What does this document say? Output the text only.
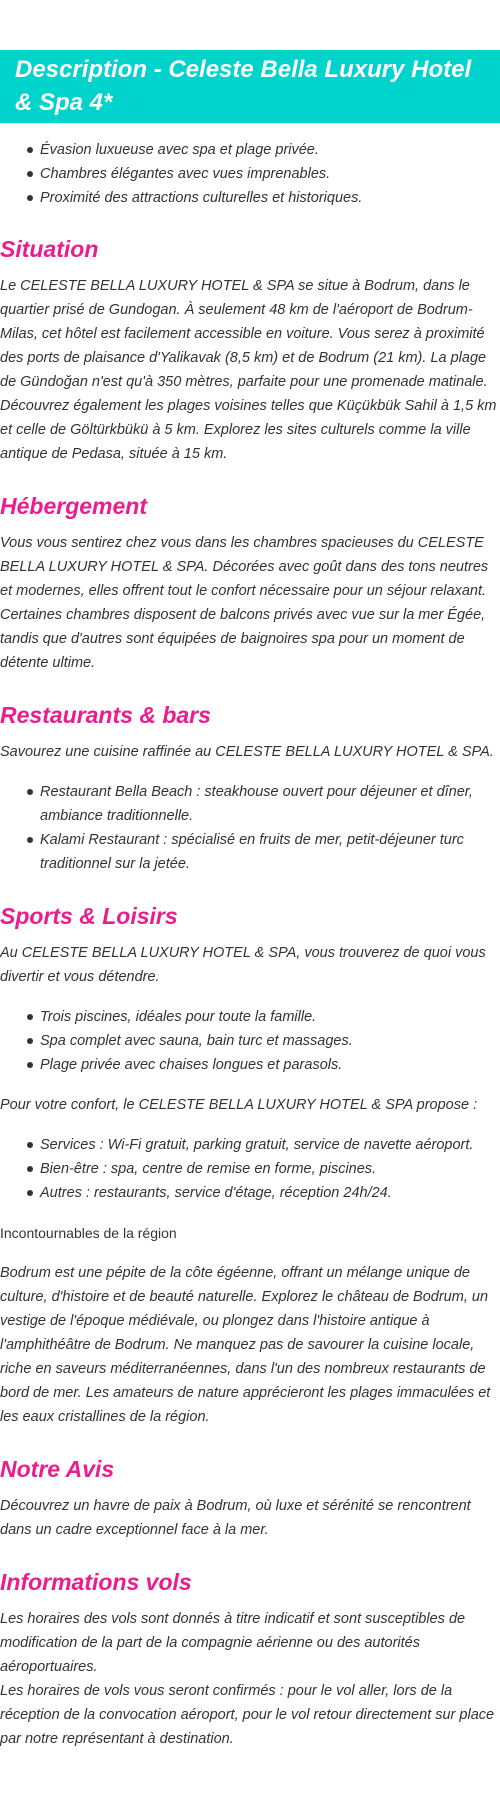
Description - Celeste Bella Luxury Hotel & Spa 4*
Évasion luxueuse avec spa et plage privée.
Chambres élégantes avec vues imprenables.
Proximité des attractions culturelles et historiques.
Situation

Le CELESTE BELLA LUXURY HOTEL & SPA se situe à Bodrum, dans le quartier prisé de Gundogan. À seulement 48 km de l'aéroport de Bodrum-Milas, cet hôtel est facilement accessible en voiture. Vous serez à proximité des ports de plaisance d'Yalikavak (8,5 km) et de Bodrum (21 km). La plage de Gündoğan n'est qu'à 350 mètres, parfaite pour une promenade matinale. Découvrez également les plages voisines telles que Küçükbük Sahil à 1,5 km et celle de Göltürkbükü à 5 km. Explorez les sites culturels comme la ville antique de Pedasa, située à 15 km.

Hébergement

Vous vous sentirez chez vous dans les chambres spacieuses du CELESTE BELLA LUXURY HOTEL & SPA. Décorées avec goût dans des tons neutres et modernes, elles offrent tout le confort nécessaire pour un séjour relaxant. Certaines chambres disposent de balcons privés avec vue sur la mer Égée, tandis que d'autres sont équipées de baignoires spa pour un moment de détente ultime.

Restaurants & bars

Savourez une cuisine raffinée au CELESTE BELLA LUXURY HOTEL & SPA.

Restaurant Bella Beach : steakhouse ouvert pour déjeuner et dîner, ambiance traditionnelle.
Kalami Restaurant : spécialisé en fruits de mer, petit-déjeuner turc traditionnel sur la jetée.
Sports & Loisirs

Au CELESTE BELLA LUXURY HOTEL & SPA, vous trouverez de quoi vous divertir et vous détendre.

Trois piscines, idéales pour toute la famille.
Spa complet avec sauna, bain turc et massages.
Plage privée avec chaises longues et parasols.

Pour votre confort, le CELESTE BELLA LUXURY HOTEL & SPA propose :

Services : Wi-Fi gratuit, parking gratuit, service de navette aéroport.
Bien-être : spa, centre de remise en forme, piscines.
Autres : restaurants, service d'étage, réception 24h/24.

Incontournables de la région

Bodrum est une pépite de la côte égéenne, offrant un mélange unique de culture, d'histoire et de beauté naturelle. Explorez le château de Bodrum, un vestige de l'époque médiévale, ou plongez dans l'histoire antique à l'amphithéâtre de Bodrum. Ne manquez pas de savourer la cuisine locale, riche en saveurs méditerranéennes, dans l'un des nombreux restaurants de bord de mer. Les amateurs de nature apprécieront les plages immaculées et les eaux cristallines de la région.

Notre Avis

Découvrez un havre de paix à Bodrum, où luxe et sérénité se rencontrent dans un cadre exceptionnel face à la mer.

Informations vols

Les horaires des vols sont donnés à titre indicatif et sont susceptibles de modification de la part de la compagnie aérienne ou des autorités aéroportuaires.

Les horaires de vols vous seront confirmés : pour le vol aller, lors de la réception de la convocation aéroport, pour le vol retour directement sur place par notre représentant à destination.
